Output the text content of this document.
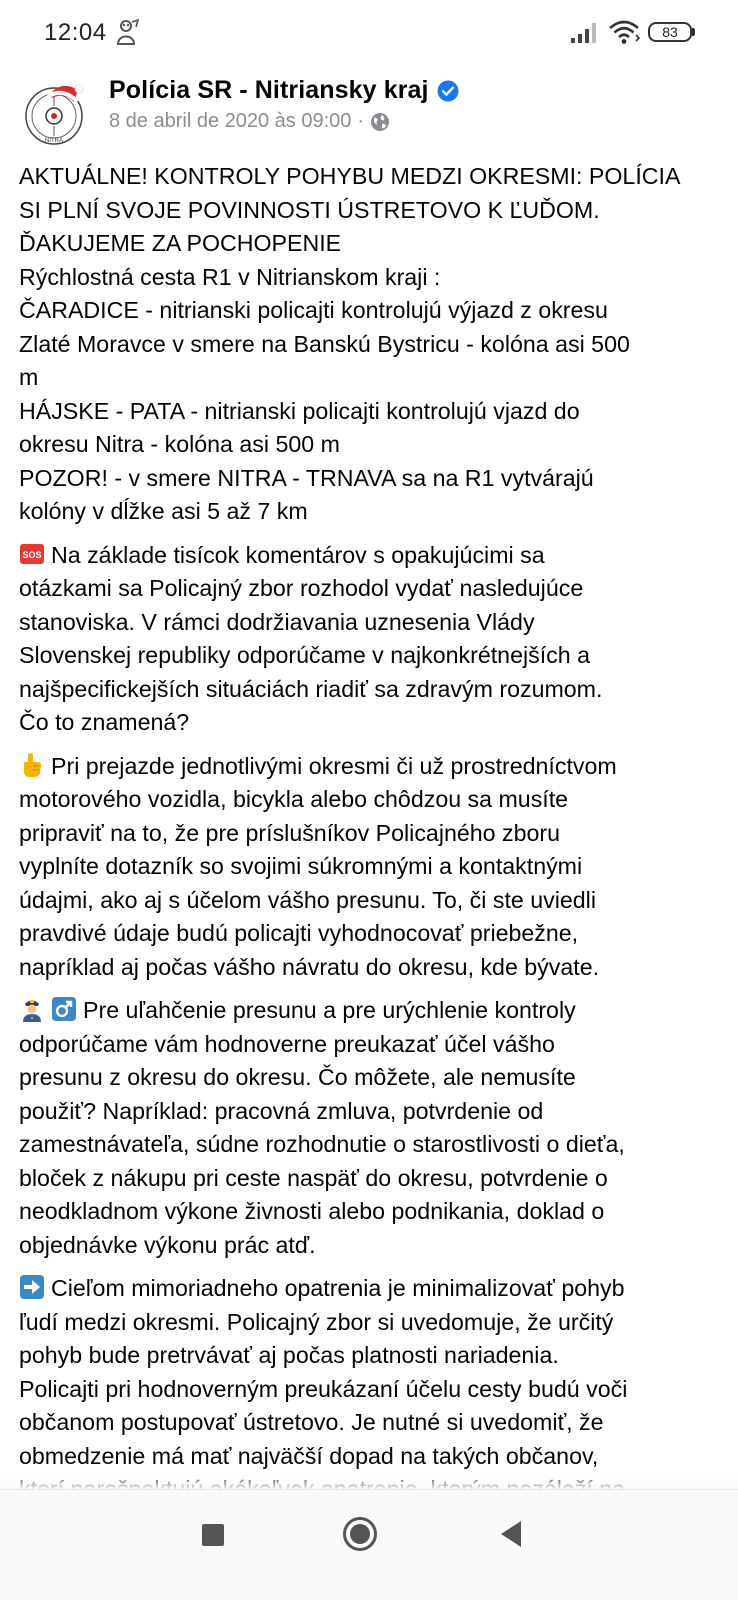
12:04	83
NITRA
Polícia SR - Nitriansky kraj
8 de abril de 2020 às 09:00 ·
AKTUÁLNE! KONTROLY POHYBU MEDZI OKRESMI: POLÍCIA
SI PLNÍ SVOJE POVINNOSTI ÚSTRETOVO K ĽUĎOM.
ĎAKUJEME ZA POCHOPENIE
Rýchlostná cesta R1 v Nitrianskom kraji :
ČARADICE - nitrianski policajti kontrolujú výjazd z okresu
Zlaté Moravce v smere na Banskú Bystricu - kolóna asi 500
m
HÁJSKE - PATA - nitrianski policajti kontrolujú vjazd do
okresu Nitra - kolóna asi 500 m
POZOR! - v smere NITRA - TRNAVA sa na R1 vytvárajú
kolóny v dĺžke asi 5 až 7 km
SOS Na základe tisícok komentárov s opakujúcimi sa
otázkami sa Policajný zbor rozhodol vydať nasledujúce
stanoviska. V rámci dodržiavania uznesenia Vlády
Slovenskej republiky odporúčame v najkonkrétnejších a
najšpecifickejších situáciách riadiť sa zdravým rozumom.
Čo to znamená?
Pri prejazde jednotlivými okresmi či už prostredníctvom
motorového vozidla, bicykla alebo chôdzou sa musíte
pripraviť na to, že pre príslušníkov Policajného zboru
vyplníte dotazník so svojimi súkromnými a kontaktnými
údajmi, ako aj s účelom vášho presunu. To, či ste uviedli
pravdivé údaje budú policajti vyhodnocovať priebežne,
napríklad aj počas vášho návratu do okresu, kde bývate.
Pre uľahčenie presunu a pre urýchlenie kontroly
odporúčame vám hodnoverne preukazať účel vášho
presunu z okresu do okresu. Čo môžete, ale nemusíte
použiť? Napríklad: pracovná zmluva, potvrdenie od
zamestnávateľa, súdne rozhodnutie o starostlivosti o dieťa,
bloček z nákupu pri ceste naspäť do okresu, potvrdenie o
neodkladnom výkone živnosti alebo podnikania, doklad o
objednávke výkonu prác atď.
Cieľom mimoriadneho opatrenia je minimalizovať pohyb
ľudí medzi okresmi. Policajný zbor si uvedomuje, že určitý
pohyb bude pretrvávať aj počas platnosti nariadenia.
Policajti pri hodnoverným preukázaní účelu cesty budú voči
občanom postupovať ústretovo. Je nutné si uvedomiť, že
obmedzenie má mať najväčší dopad na takých občanov,
